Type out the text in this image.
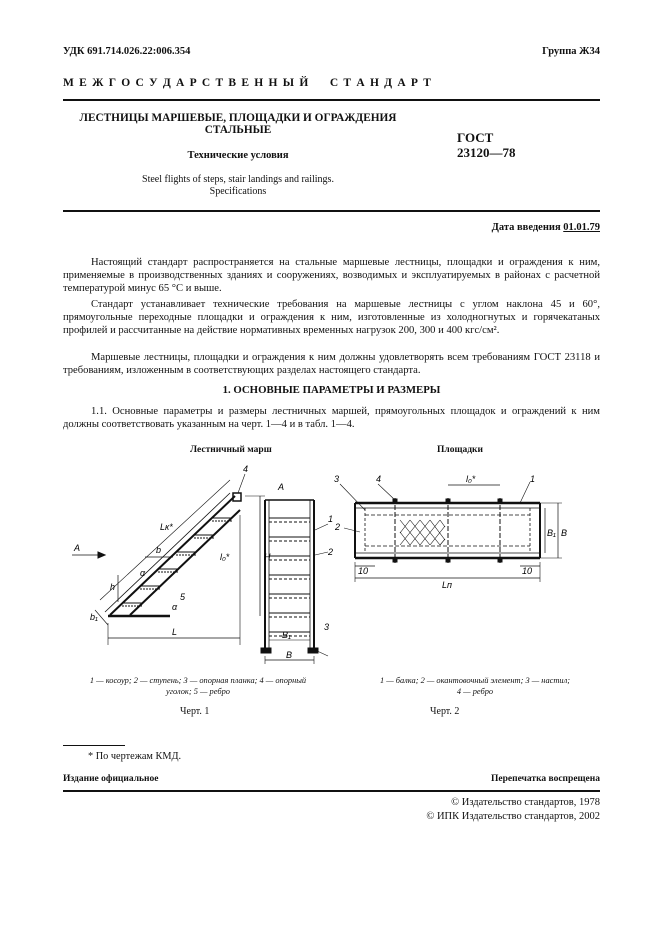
УДК 691.714.026.22:006.354	Группа Ж34
М Е Ж Г О С У Д А Р С Т В Е Н Н Ы Й     С Т А Н Д А Р Т
ЛЕСТНИЦЫ МАРШЕВЫЕ, ПЛОЩАДКИ И ОГРАЖДЕНИЯ СТАЛЬНЫЕ
Технические условия
Steel flights of steps, stair landings and railings.
Specifications
ГОСТ
23120—78
Дата введения 01.01.79

Настоящий стандарт распространяется на стальные маршевые лестницы, площадки и ограждения к ним, применяемые в производственных зданиях и сооружениях, возводимых и эксплуатируемых в районах с расчетной температурой минус 65 °С и выше.

Стандарт устанавливает технические требования на маршевые лестницы с углом наклона 45 и 60°, прямоугольные переходные площадки и ограждения к ним, изготовленные из холодногнутых и горячекатаных профилей и рассчитанные на действие нормативных временных нагрузок 200, 300 и 400 кгс/см².

Маршевые лестницы, площадки и ограждения к ним должны удовлетворять всем требованиям ГОСТ 23118 и требованиям, изложенным в соответствующих разделах настоящего стандарта.

1. ОСНОВНЫЕ ПАРАМЕТРЫ И РАЗМЕРЫ

1.1. Основные параметры и размеры лестничных маршей, прямоугольных площадок и ограждений к ним должны соответствовать указанным на черт. 1—4 и в табл. 1—4.

Лестничный марш	Площадки
4
1
2
3
5
А
А
b
h
H
L
b₁
B₁
B
Lк*
l₀*
α
α
3	4	1
2
l₀*
10	10
Lп
B₁ B
1 — косоур; 2 — ступень; 3 — опорная планка; 4 — опорный
уголок; 5 — ребро
1 — балка; 2 — окантовочный элемент; 3 — настил;
4 — ребро
Черт. 1	Черт. 2
* По чертежам КМД.
Издание официальное	Перепечатка воспрещена
© Издательство стандартов, 1978
© ИПК Издательство стандартов, 2002
